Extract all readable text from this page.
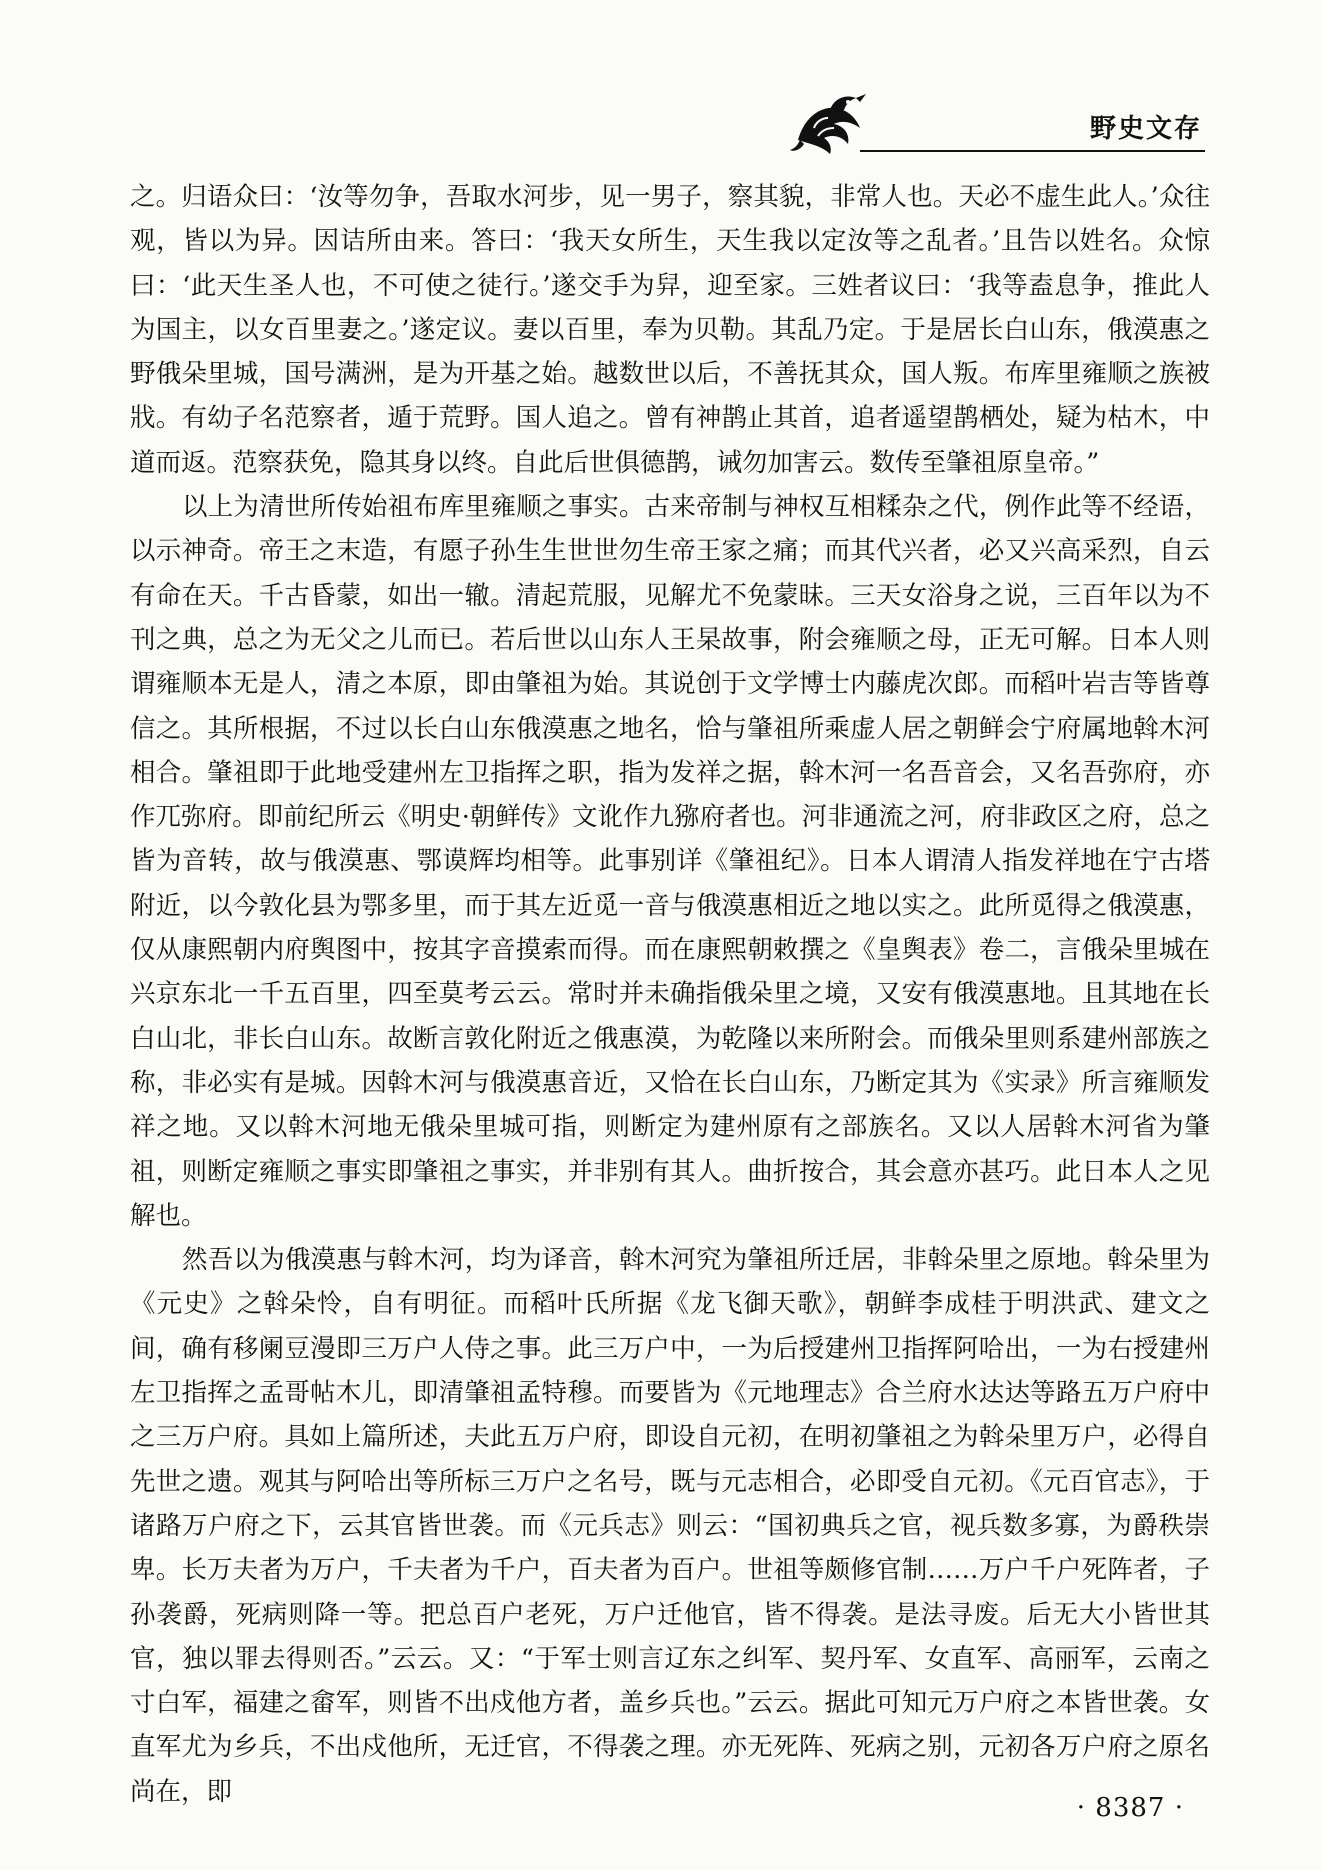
野史文存

之。归语众曰：‘汝等勿争，吾取水河步，见一男子，察其貌，非常人也。天必不虚生此人。’众往观，皆以为异。因诘所由来。答曰：‘我天女所生，天生我以定汝等之乱者。’且告以姓名。众惊曰：‘此天生圣人也，不可使之徒行。’遂交手为舁，迎至家。三姓者议曰：‘我等盍息争，推此人为国主，以女百里妻之。’遂定议。妻以百里，奉为贝勒。其乱乃定。于是居长白山东，俄漠惠之野俄朵里城，国号满洲，是为开基之始。越数世以后，不善抚其众，国人叛。布库里雍顺之族被戕。有幼子名范察者，遁于荒野。国人追之。曾有神鹊止其首，追者遥望鹊栖处，疑为枯木，中道而返。范察获免，隐其身以终。自此后世俱德鹊，诫勿加害云。数传至肇祖原皇帝。”

以上为清世所传始祖布库里雍顺之事实。古来帝制与神权互相糅杂之代，例作此等不经语，以示神奇。帝王之末造，有愿子孙生生世世勿生帝王家之痛；而其代兴者，必又兴高采烈，自云有命在天。千古昏蒙，如出一辙。清起荒服，见解尤不免蒙昧。三天女浴身之说，三百年以为不刊之典，总之为无父之儿而已。若后世以山东人王杲故事，附会雍顺之母，正无可解。日本人则谓雍顺本无是人，清之本原，即由肇祖为始。其说创于文学博士内藤虎次郎。而稻叶岩吉等皆尊信之。其所根据，不过以长白山东俄漠惠之地名，恰与肇祖所乘虚人居之朝鲜会宁府属地斡木河相合。肇祖即于此地受建州左卫指挥之职，指为发祥之据，斡木河一名吾音会，又名吾弥府，亦作兀弥府。即前纪所云《明史·朝鲜传》文讹作九猕府者也。河非通流之河，府非政区之府，总之皆为音转，故与俄漠惠、鄂谟辉均相等。此事别详《肇祖纪》。日本人谓清人指发祥地在宁古塔附近，以今敦化县为鄂多里，而于其左近觅一音与俄漠惠相近之地以实之。此所觅得之俄漠惠，仅从康熙朝内府舆图中，按其字音摸索而得。而在康熙朝敕撰之《皇舆表》卷二，言俄朵里城在兴京东北一千五百里，四至莫考云云。常时并未确指俄朵里之境，又安有俄漠惠地。且其地在长白山北，非长白山东。故断言敦化附近之俄惠漠，为乾隆以来所附会。而俄朵里则系建州部族之称，非必实有是城。因斡木河与俄漠惠音近，又恰在长白山东，乃断定其为《实录》所言雍顺发祥之地。又以斡木河地无俄朵里城可指，则断定为建州原有之部族名。又以人居斡木河省为肇祖，则断定雍顺之事实即肇祖之事实，并非别有其人。曲折按合，其会意亦甚巧。此日本人之见解也。

然吾以为俄漠惠与斡木河，均为译音，斡木河究为肇祖所迁居，非斡朵里之原地。斡朵里为《元史》之斡朵怜，自有明征。而稻叶氏所据《龙飞御天歌》，朝鲜李成桂于明洪武、建文之间，确有移阑豆漫即三万户人侍之事。此三万户中，一为后授建州卫指挥阿哈出，一为右授建州左卫指挥之孟哥帖木儿，即清肇祖孟特穆。而要皆为《元地理志》合兰府水达达等路五万户府中之三万户府。具如上篇所述，夫此五万户府，即设自元初，在明初肇祖之为斡朵里万户，必得自先世之遗。观其与阿哈出等所标三万户之名号，既与元志相合，必即受自元初。《元百官志》，于诸路万户府之下，云其官皆世袭。而《元兵志》则云：“国初典兵之官，视兵数多寡，为爵秩崇卑。长万夫者为万户，千夫者为千户，百夫者为百户。世祖等颇修官制……万户千户死阵者，子孙袭爵，死病则降一等。把总百户老死，万户迁他官，皆不得袭。是法寻废。后无大小皆世其官，独以罪去得则否。”云云。又：“于军士则言辽东之纠军、契丹军、女直军、高丽军，云南之寸白军，福建之畲军，则皆不出戍他方者，盖乡兵也。”云云。据此可知元万户府之本皆世袭。女直军尤为乡兵，不出戍他所，无迁官，不得袭之理。亦无死阵、死病之别，元初各万户府之原名尚在，即

· 8387 ·
